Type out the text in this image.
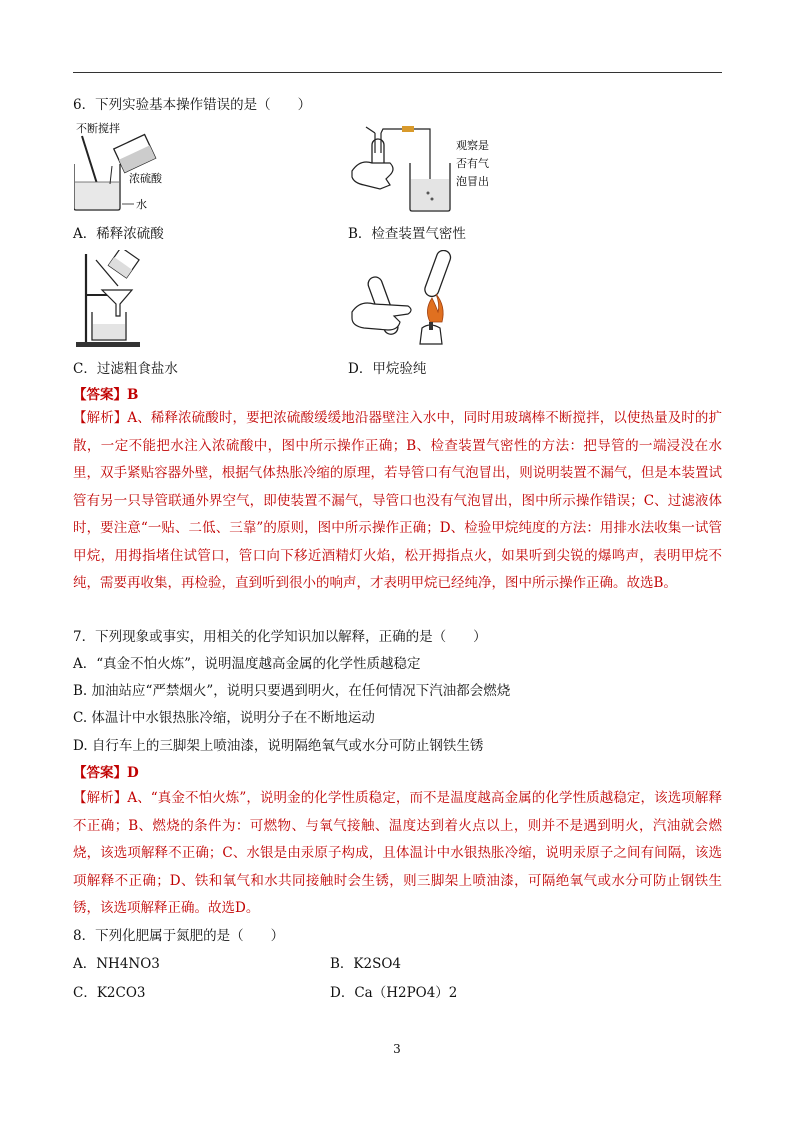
6．下列实验基本操作错误的是（　　）
不断搅拌
浓硫酸
水
观察是
否有气
泡冒出
A．稀释浓硫酸	B．检查装置气密性
C．过滤粗食盐水	D．甲烷验纯
【答案】B
【解析】A、稀释浓硫酸时，要把浓硫酸缓缓地沿器壁注入水中，同时用玻璃棒不断搅拌，以使热量及时的扩散，一定不能把水注入浓硫酸中，图中所示操作正确；B、检查装置气密性的方法：把导管的一端浸没在水里，双手紧贴容器外壁，根据气体热胀冷缩的原理，若导管口有气泡冒出，则说明装置不漏气，但是本装置试管有另一只导管联通外界空气，即使装置不漏气，导管口也没有气泡冒出，图中所示操作错误；C、过滤液体时，要注意“一贴、二低、三靠”的原则，图中所示操作正确；D、检验甲烷纯度的方法：用排水法收集一试管甲烷，用拇指堵住试管口，管口向下移近酒精灯火焰，松开拇指点火，如果听到尖锐的爆鸣声，表明甲烷不纯，需要再收集，再检验，直到听到很小的响声，才表明甲烷已经纯净，图中所示操作正确。故选B。
7．下列现象或事实，用相关的化学知识加以解释，正确的是（　　）
A．“真金不怕火炼”，说明温度越高金属的化学性质越稳定
B. 加油站应“严禁烟火”，说明只要遇到明火，在任何情况下汽油都会燃烧
C. 体温计中水银热胀冷缩，说明分子在不断地运动
D. 自行车上的三脚架上喷油漆，说明隔绝氧气或水分可防止钢铁生锈
【答案】D
【解析】A、“真金不怕火炼”，说明金的化学性质稳定，而不是温度越高金属的化学性质越稳定，该选项解释不正确；B、燃烧的条件为：可燃物、与氧气接触、温度达到着火点以上，则并不是遇到明火，汽油就会燃烧，该选项解释不正确；C、水银是由汞原子构成，且体温计中水银热胀冷缩，说明汞原子之间有间隔，该选项解释不正确；D、铁和氧气和水共同接触时会生锈，则三脚架上喷油漆，可隔绝氧气或水分可防止钢铁生锈，该选项解释正确。故选D。
8．下列化肥属于氮肥的是（　　）
A．NH4NO3	B．K2SO4
C．K2CO3	D．Ca（H2PO4）2
3
